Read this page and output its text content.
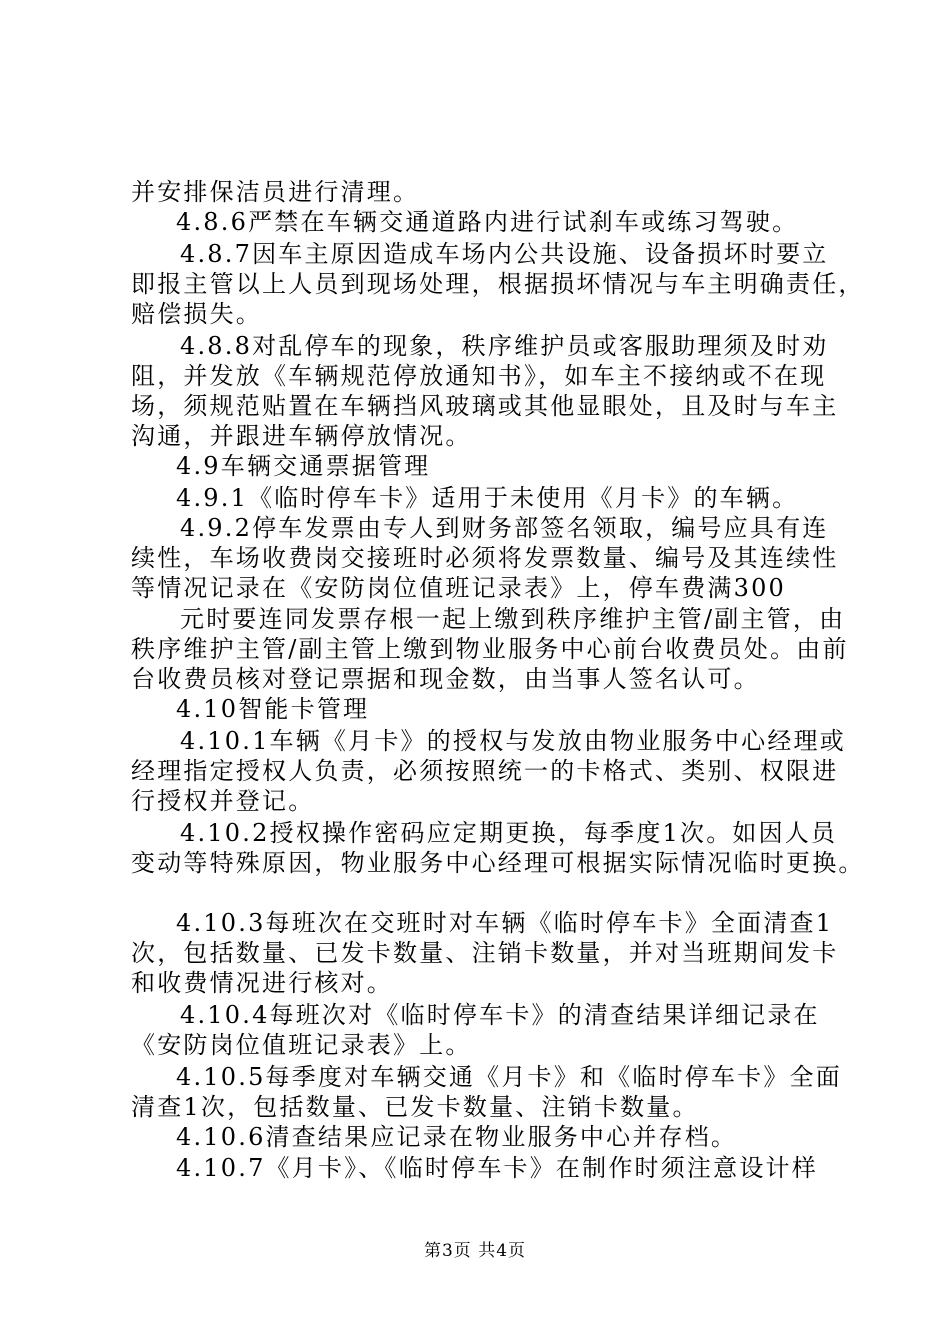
并安排保洁员进行清理。
4.8.6严禁在车辆交通道路内进行试刹车或练习驾驶。
4.8.7因车主原因造成车场内公共设施、设备损坏时要立
即报主管以上人员到现场处理，根据损坏情况与车主明确责任，
赔偿损失。
4.8.8对乱停车的现象，秩序维护员或客服助理须及时劝
阻，并发放《车辆规范停放通知书》，如车主不接纳或不在现
场，须规范贴置在车辆挡风玻璃或其他显眼处，且及时与车主
沟通，并跟进车辆停放情况。
4.9车辆交通票据管理
4.9.1《临时停车卡》适用于未使用《月卡》的车辆。
4.9.2停车发票由专人到财务部签名领取，编号应具有连
续性，车场收费岗交接班时必须将发票数量、编号及其连续性
等情况记录在《安防岗位值班记录表》上，停车费满300
元时要连同发票存根一起上缴到秩序维护主管/副主管，由
秩序维护主管/副主管上缴到物业服务中心前台收费员处。由前
台收费员核对登记票据和现金数，由当事人签名认可。
4.10智能卡管理
4.10.1车辆《月卡》的授权与发放由物业服务中心经理或
经理指定授权人负责，必须按照统一的卡格式、类别、权限进
行授权并登记。
4.10.2授权操作密码应定期更换，每季度1次。如因人员
变动等特殊原因，物业服务中心经理可根据实际情况临时更换。
4.10.3每班次在交班时对车辆《临时停车卡》全面清查1
次，包括数量、已发卡数量、注销卡数量，并对当班期间发卡
和收费情况进行核对。
4.10.4每班次对《临时停车卡》的清查结果详细记录在
《安防岗位值班记录表》上。
4.10.5每季度对车辆交通《月卡》和《临时停车卡》全面
清查1次，包括数量、已发卡数量、注销卡数量。
4.10.6清查结果应记录在物业服务中心并存档。
4.10.7《月卡》、《临时停车卡》在制作时须注意设计样
第3页 共4页
